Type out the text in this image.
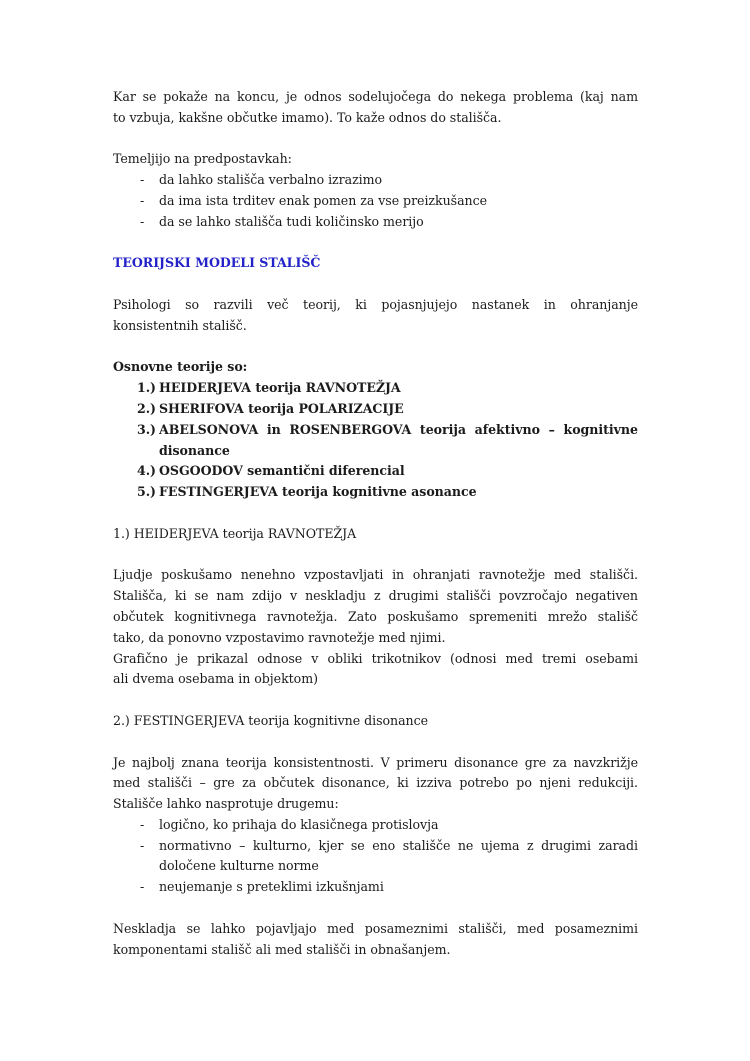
Kar se pokaže na koncu, je odnos sodelujočega do nekega problema (kaj nam
to vzbuja, kakšne občutke imamo). To kaže odnos do stališča.
Temeljijo na predpostavkah:
- da lahko stališča verbalno izrazimo
- da ima ista trditev enak pomen za vse preizkušance
- da se lahko stališča tudi količinsko merijo
TEORIJSKI MODELI STALIŠČ
Psihologi so razvili več teorij, ki pojasnjujejo nastanek in ohranjanje
konsistentnih stališč.
Osnovne teorije so:
1.) HEIDERJEVA teorija RAVNOTEŽJA
2.) SHERIFOVA teorija POLARIZACIJE
3.) ABELSONOVA in ROSENBERGOVA teorija afektivno – kognitivne
disonance
4.) OSGOODOV semantični diferencial
5.) FESTINGERJEVA teorija kognitivne asonance
1.) HEIDERJEVA teorija RAVNOTEŽJA
Ljudje poskušamo nenehno vzpostavljati in ohranjati ravnotežje med stališči.
Stališča, ki se nam zdijo v neskladju z drugimi stališči povzročajo negativen
občutek kognitivnega ravnotežja. Zato poskušamo spremeniti mrežo stališč
tako, da ponovno vzpostavimo ravnotežje med njimi.
Grafično je prikazal odnose v obliki trikotnikov (odnosi med tremi osebami
ali dvema osebama in objektom)
2.) FESTINGERJEVA teorija kognitivne disonance
Je najbolj znana teorija konsistentnosti. V primeru disonance gre za navzkrižje
med stališči – gre za občutek disonance, ki izziva potrebo po njeni redukciji.
Stališče lahko nasprotuje drugemu:
- logično, ko prihaja do klasičnega protislovja
- normativno – kulturno, kjer se eno stališče ne ujema z drugimi zaradi
določene kulturne norme
- neujemanje s preteklimi izkušnjami
Neskladja se lahko pojavljajo med posameznimi stališči, med posameznimi
komponentami stališč ali med stališči in obnašanjem.
